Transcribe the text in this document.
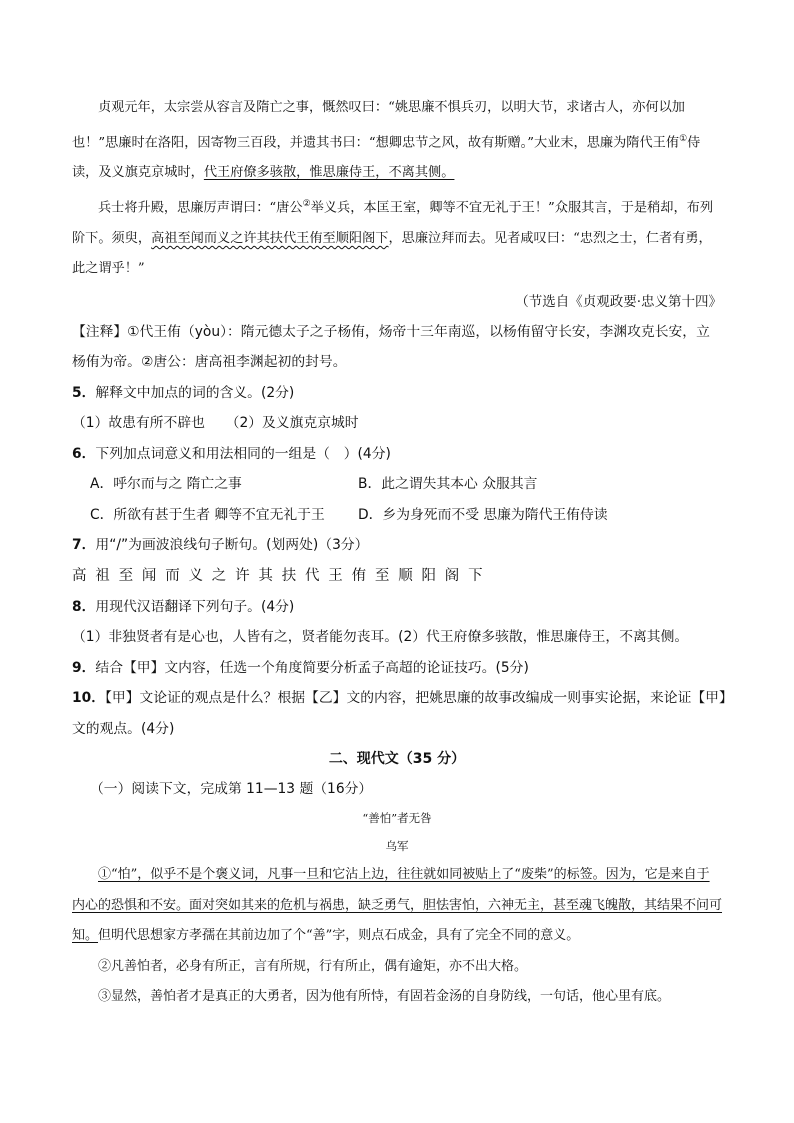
贞观元年，太宗尝从容言及隋亡之事，慨然叹曰：“姚思廉不惧兵刃，以明大节，求诸古人，亦何以加也！”思廉时在洛阳，因寄物三百段，并遗其书曰：“想卿忠节之风，故有斯赠。”大业末，思廉为隋代王侑①侍读，及义旗克京城时，代王府僚多骇散，惟思廉侍王，不离其侧。

兵士将升殿，思廉厉声谓曰：“唐公②举义兵，本匡王室，卿等不宜无礼于王！”众服其言，于是稍却，布列阶下。须臾，高祖至闻而义之许其扶代王侑至顺阳阁下，思廉泣拜而去。见者咸叹曰：“忠烈之士，仁者有勇，　此之谓乎！”

（节选自《贞观政要·忠义第十四》

【注释】①代王侑（yòu）：隋元德太子之子杨侑，炀帝十三年南巡，以杨侑留守长安，李渊攻克长安，立

杨侑为帝。②唐公：唐高祖李渊起初的封号。

5．解释文中加点的词的含义。(2分)

（1）故患有所不辟也　　（2）及义旗克京城时

6．下列加点词意义和用法相同的一组是（　）(4分)

A．呼尔而与之 隋亡之事	B．此之谓失其本心 众服其言
C．所欲有甚于生者 卿等不宜无礼于王	D．乡为身死而不受 思廉为隋代王侑侍读

7．用“/”为画波浪线句子断句。(划两处)（3分）

高祖至闻而义之许其扶代王侑至顺阳阁下

8．用现代汉语翻译下列句子。(4分)

（1）非独贤者有是心也，人皆有之，贤者能勿丧耳。(2）代王府僚多骇散，惟思廉侍王，不离其侧。

9．结合【甲】文内容，任选一个角度简要分析孟子高超的论证技巧。(5分)

10．【甲】文论证的观点是什么？根据【乙】文的内容，把姚思廉的故事改编成一则事实论据，来论证【甲】

文的观点。(4分)

二、现代文（35 分）

（一）阅读下文，完成第 11—13 题（16分）

“善怕”者无咎

乌军

①“怕”，似乎不是个褒义词，凡事一旦和它沾上边，往往就如同被贴上了“废柴”的标签。因为，它是来自于内心的恐惧和不安。面对突如其来的危机与祸患，缺乏勇气，胆怯害怕，六神无主，甚至魂飞魄散，其结果不问可知。但明代思想家方孝孺在其前边加了个“善”字，则点石成金，具有了完全不同的意义。

②凡善怕者，必身有所正，言有所规，行有所止，偶有逾矩，亦不出大格。

③显然，善怕者才是真正的大勇者，因为他有所恃，有固若金汤的自身防线，一句话，他心里有底。
